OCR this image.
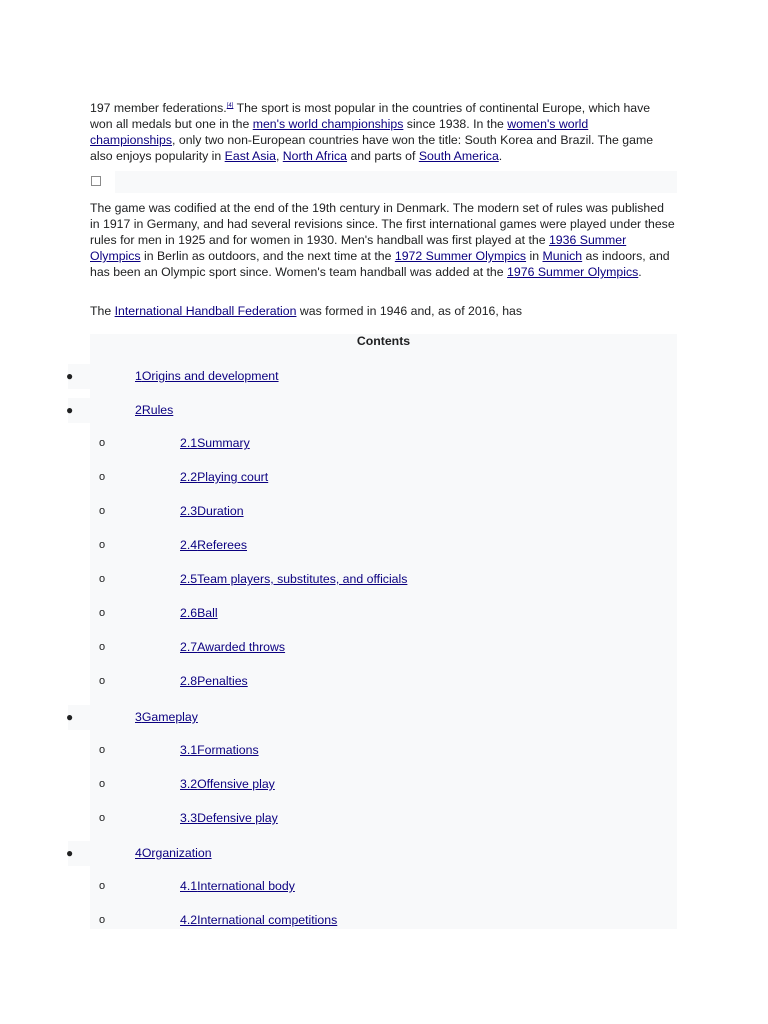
197 member federations.[4] The sport is most popular in the countries of continental Europe, which have won all medals but one in the men's world championships since 1938. In the women's world championships, only two non-European countries have won the title: South Korea and Brazil. The game also enjoys popularity in East Asia, North Africa and parts of South America.

The game was codified at the end of the 19th century in Denmark. The modern set of rules was published in 1917 in Germany, and had several revisions since. The first international games were played under these rules for men in 1925 and for women in 1930. Men's handball was first played at the 1936 Summer Olympics in Berlin as outdoors, and the next time at the 1972 Summer Olympics in Munich as indoors, and has been an Olympic sport since. Women's team handball was added at the 1976 Summer Olympics.

The International Handball Federation was formed in 1946 and, as of 2016, has

Contents
●	1Origins and development
●	2Rules
o	2.1Summary
o	2.2Playing court
o	2.3Duration
o	2.4Referees
o	2.5Team players, substitutes, and officials
o	2.6Ball
o	2.7Awarded throws
o	2.8Penalties
●	3Gameplay
o	3.1Formations
o	3.2Offensive play
o	3.3Defensive play
●	4Organization
o	4.1International body
o	4.2International competitions
